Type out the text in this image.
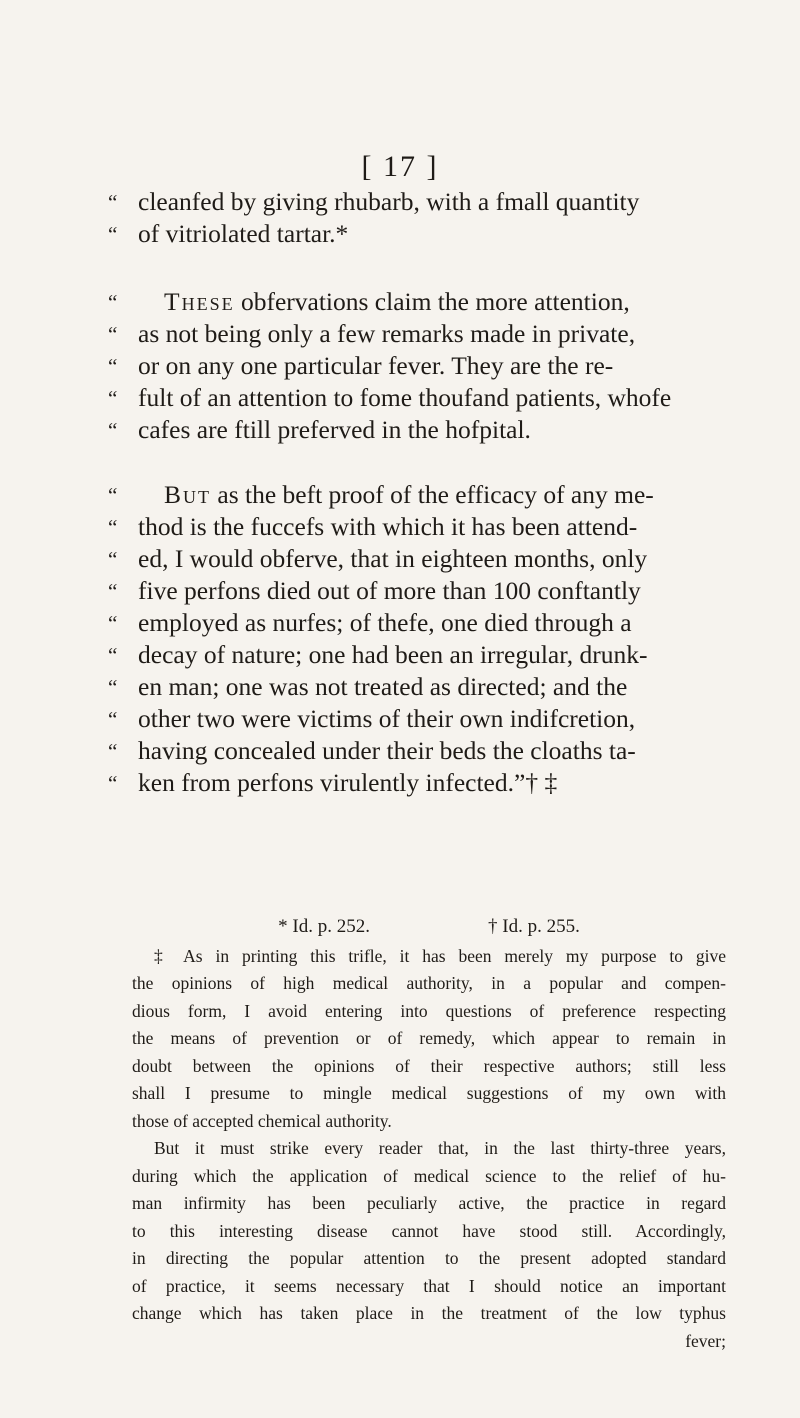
[ 17 ]
“ cleanfed by giving rhubarb, with a fmall quantity
“ of vitriolated tartar.*
“ These obfervations claim the more attention,
“ as not being only a few remarks made in private,
“ or on any one particular fever. They are the re-
“ fult of an attention to fome thoufand patients, whofe
“ cafes are ftill preferved in the hofpital.
“ But as the beft proof of the efficacy of any me-
“ thod is the fuccefs with which it has been attend-
“ ed, I would obferve, that in eighteen months, only
“ five perfons died out of more than 100 conftantly
“ employed as nurfes; of thefe, one died through a
“ decay of nature; one had been an irregular, drunk-
“ en man; one was not treated as directed; and the
“ other two were victims of their own indifcretion,
“ having concealed under their beds the cloaths ta-
“ ken from perfons virulently infected.”† ‡
* Id. p. 252.	† Id. p. 255.
‡ As in printing this trifle, it has been merely my purpose to give
the opinions of high medical authority, in a popular and compen-
dious form, I avoid entering into questions of preference respecting
the means of prevention or of remedy, which appear to remain in
doubt between the opinions of their respective authors; still less
shall I presume to mingle medical suggestions of my own with
those of accepted chemical authority.
But it must strike every reader that, in the last thirty-three years,
during which the application of medical science to the relief of hu-
man infirmity has been peculiarly active, the practice in regard
to this interesting disease cannot have stood still. Accordingly,
in directing the popular attention to the present adopted standard
of practice, it seems necessary that I should notice an important
change which has taken place in the treatment of the low typhus
fever;
